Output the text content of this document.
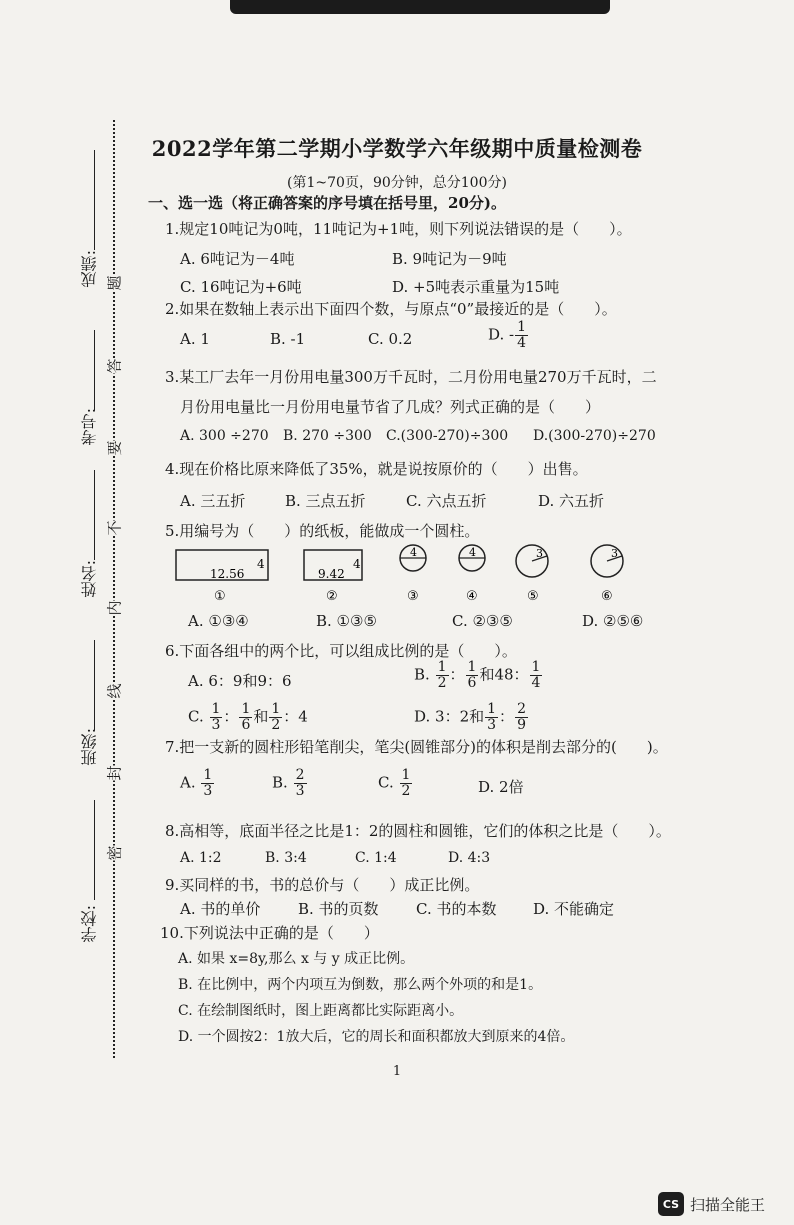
成绩:
考号:
姓名:
班级:
学校:
题
答
要
不
内
线
封
密
2022学年第二学期小学数学六年级期中质量检测卷
(第1~70页，90分钟，总分100分)
一、选一选（将正确答案的序号填在括号里，20分)。
1.规定10吨记为0吨，11吨记为+1吨，则下列说法错误的是（　　）。
A. 6吨记为－4吨	B. 9吨记为－9吨
C. 16吨记为+6吨	D. +5吨表示重量为15吨
2.如果在数轴上表示出下面四个数，与原点“0”最接近的是（　　）。
A. 1	B. -1	C. 0.2	D. - $\frac{1}{4}$
3.某工厂去年一月份用电量300万千瓦时，二月份用电量270万千瓦时，二
月份用电量比一月份用电量节省了几成？列式正确的是（　　）
A. 300 ÷270 B. 270 ÷300 C.(300-270)÷300 D.(300-270)÷270
4.现在价格比原来降低了35%，就是说按原价的（　　）出售。
A. 三五折	B. 三点五折	C. 六点五折	D. 六五折
5.用编号为（　　）的纸板，能做成一个圆柱。
12.56
4
9.42
4
4	4	3	3
①	②	③	④	⑤	⑥
A. ①③④	B. ①③⑤	C. ②③⑤	D. ②⑤⑥
6.下面各组中的两个比，可以组成比例的是（　　）。
A. 6：9和9：6	B. $\frac{1}{2}$ ： $\frac{1}{6}$ 和48： $\frac{1}{4}$
C. $\frac{1}{3}$ ： $\frac{1}{6}$ 和 $\frac{1}{2}$ ：4	D. 3：2和 $\frac{1}{3}$ ： $\frac{2}{9}$
7.把一支新的圆柱形铅笔削尖，笔尖(圆锥部分)的体积是削去部分的(　　)。
A. $\frac{1}{3}$	B. $\frac{2}{3}$	C. $\frac{1}{2}$	D. 2倍
8.高相等，底面半径之比是1：2的圆柱和圆锥，它们的体积之比是（　　）。
A. 1:2	B. 3:4	C. 1:4	D. 4:3
9.买同样的书，书的总价与（　　）成正比例。
A. 书的单价	B. 书的页数 C. 书的本数 D. 不能确定
10.下列说法中正确的是（　　）
A. 如果 x=8y,那么 x 与 y 成正比例。
B. 在比例中，两个内项互为倒数，那么两个外项的和是1。
C. 在绘制图纸时，图上距离都比实际距离小。
D. 一个圆按2：1放大后，它的周长和面积都放大到原来的4倍。
1
CS 扫描全能王
